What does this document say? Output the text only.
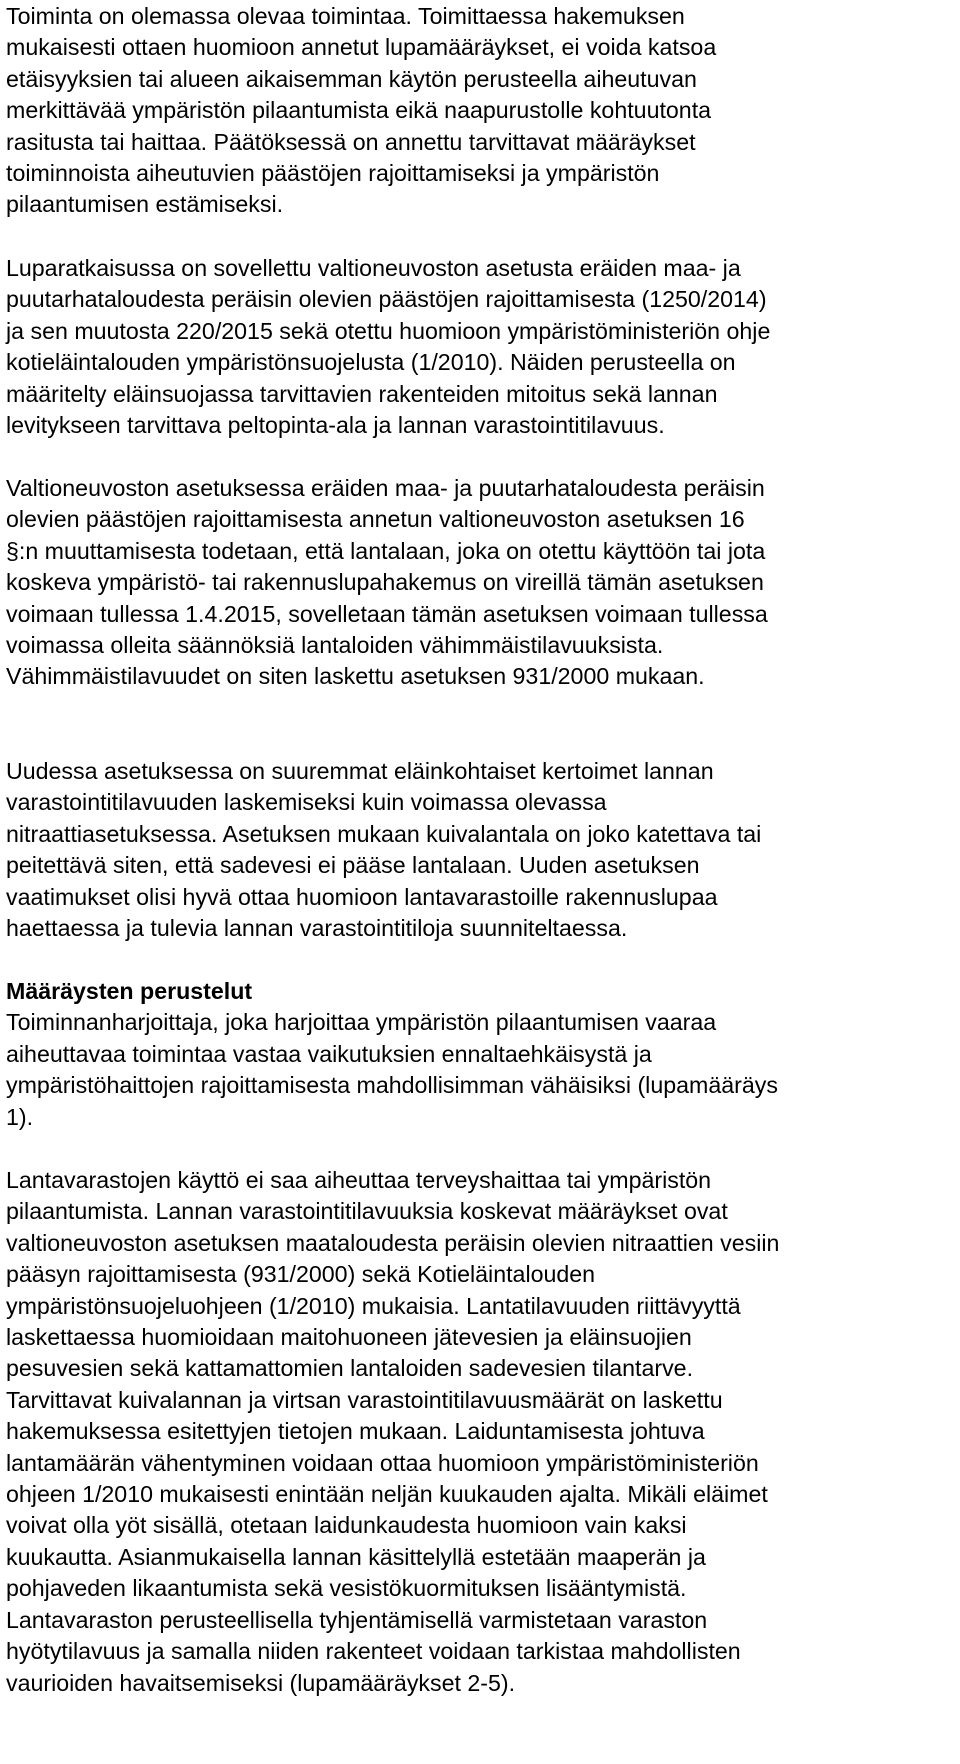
Toiminta on olemassa olevaa toimintaa. Toimittaessa hakemuksen
mukaisesti ottaen huomioon annetut lupamääräykset, ei voida katsoa
etäisyyksien tai alueen aikaisemman käytön perusteella aiheutuvan
merkittävää ympäristön pilaantumista eikä naapurustolle kohtuutonta
rasitusta tai haittaa. Päätöksessä on annettu tarvittavat määräykset
toiminnoista aiheutuvien päästöjen rajoittamiseksi ja ympäristön
pilaantumisen estämiseksi.
Luparatkaisussa on sovellettu valtioneuvoston asetusta eräiden maa- ja
puutarhataloudesta peräisin olevien päästöjen rajoittamisesta (1250/2014)
ja sen muutosta 220/2015 sekä otettu huomioon ympäristöministeriön ohje
kotieläintalouden ympäristönsuojelusta (1/2010). Näiden perusteella on
määritelty eläinsuojassa tarvittavien rakenteiden mitoitus sekä lannan
levitykseen tarvittava peltopinta-ala ja lannan varastointitilavuus.
Valtioneuvoston asetuksessa eräiden maa- ja puutarhataloudesta peräisin
olevien päästöjen rajoittamisesta annetun valtioneuvoston asetuksen 16
§:n muuttamisesta todetaan, että lantalaan, joka on otettu käyttöön tai jota
koskeva ympäristö- tai rakennuslupahakemus on vireillä tämän asetuksen
voimaan tullessa 1.4.2015, sovelletaan tämän asetuksen voimaan tullessa
voimassa olleita säännöksiä lantaloiden vähimmäistilavuuksista.
Vähimmäistilavuudet on siten laskettu asetuksen 931/2000 mukaan.
Uudessa asetuksessa on suuremmat eläinkohtaiset kertoimet lannan
varastointitilavuuden laskemiseksi kuin voimassa olevassa
nitraattiasetuksessa. Asetuksen mukaan kuivalantala on joko katettava tai
peitettävä siten, että sadevesi ei pääse lantalaan. Uuden asetuksen
vaatimukset olisi hyvä ottaa huomioon lantavarastoille rakennuslupaa
haettaessa ja tulevia lannan varastointitiloja suunniteltaessa.
Määräysten perustelut
Toiminnanharjoittaja, joka harjoittaa ympäristön pilaantumisen vaaraa
aiheuttavaa toimintaa vastaa vaikutuksien ennaltaehkäisystä ja
ympäristöhaittojen rajoittamisesta mahdollisimman vähäisiksi (lupamääräys
1).
Lantavarastojen käyttö ei saa aiheuttaa terveyshaittaa tai ympäristön
pilaantumista. Lannan varastointitilavuuksia koskevat määräykset ovat
valtioneuvoston asetuksen maataloudesta peräisin olevien nitraattien vesiin
pääsyn rajoittamisesta (931/2000) sekä Kotieläintalouden
ympäristönsuojeluohjeen (1/2010) mukaisia. Lantatilavuuden riittävyyttä
laskettaessa huomioidaan maitohuoneen jätevesien ja eläinsuojien
pesuvesien sekä kattamattomien lantaloiden sadevesien tilantarve.
Tarvittavat kuivalannan ja virtsan varastointitilavuusmäärät on laskettu
hakemuksessa esitettyjen tietojen mukaan. Laiduntamisesta johtuva
lantamäärän vähentyminen voidaan ottaa huomioon ympäristöministeriön
ohjeen 1/2010 mukaisesti enintään neljän kuukauden ajalta. Mikäli eläimet
voivat olla yöt sisällä, otetaan laidunkaudesta huomioon vain kaksi
kuukautta. Asianmukaisella lannan käsittelyllä estetään maaperän ja
pohjaveden likaantumista sekä vesistökuormituksen lisääntymistä.
Lantavaraston perusteellisella tyhjentämisellä varmistetaan varaston
hyötytilavuus ja samalla niiden rakenteet voidaan tarkistaa mahdollisten
vaurioiden havaitsemiseksi (lupamääräykset 2-5).
